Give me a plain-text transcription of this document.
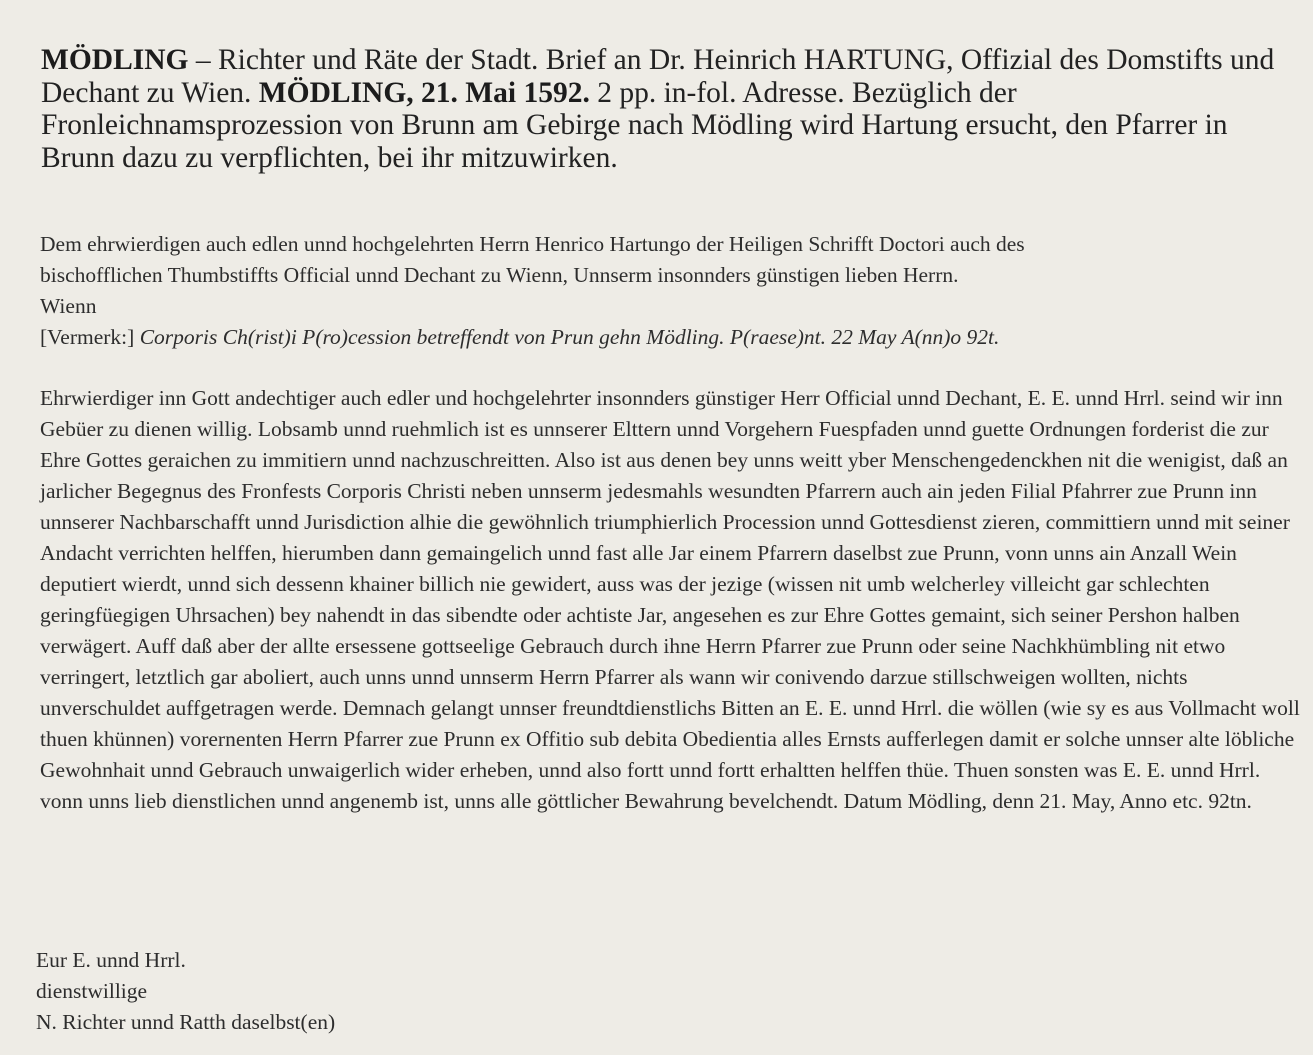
MÖDLING – Richter und Räte der Stadt. Brief an Dr. Heinrich HARTUNG, Offizial des Domstifts und Dechant zu Wien. MÖDLING, 21. Mai 1592. 2 pp. in-fol. Adresse. Bezüglich der Fronleichnamsprozession von Brunn am Gebirge nach Mödling wird Hartung ersucht, den Pfarrer in Brunn dazu zu verpflichten, bei ihr mitzuwirken.
Dem ehrwierdigen auch edlen unnd hochgelehrten Herrn Henrico Hartungo der Heiligen Schrifft Doctori auch des
bischofflichen Thumbstiffts Official unnd Dechant zu Wienn, Unnserm insonnders günstigen lieben Herrn.
Wienn
[Vermerk:] Corporis Ch(rist)i P(ro)cession betreffendt von Prun gehn Mödling. P(raese)nt. 22 May A(nn)o 92t.
Ehrwierdiger inn Gott andechtiger auch edler und hochgelehrter insonnders günstiger Herr Official unnd Dechant, E. E. unnd Hrrl. seind wir inn Gebüer zu dienen willig. Lobsamb unnd ruehmlich ist es unnserer Elttern unnd Vorgehern Fuespfaden unnd guette Ordnungen forderist die zur Ehre Gottes geraichen zu immitiern unnd nachzuschreitten. Also ist aus denen bey unns weitt yber Menschengedenckhen nit die wenigist, daß an jarlicher Begegnus des Fronfests Corporis Christi neben unnserm jedesmahls wesundten Pfarrern auch ain jeden Filial Pfahrrer zue Prunn inn unnserer Nachbarschafft unnd Jurisdiction alhie die gewöhnlich triumphierlich Procession unnd Gottesdienst zieren, committiern unnd mit seiner Andacht verrichten helffen, hierumben dann gemaingelich unnd fast alle Jar einem Pfarrern daselbst zue Prunn, vonn unns ain Anzall Wein deputiert wierdt, unnd sich dessenn khainer billich nie gewidert, auss was der jezige (wissen nit umb welcherley villeicht gar schlechten geringfüegigen Uhrsachen) bey nahendt in das sibendte oder achtiste Jar, angesehen es zur Ehre Gottes gemaint, sich seiner Pershon halben verwägert. Auff daß aber der allte ersessene gottseelige Gebrauch durch ihne Herrn Pfarrer zue Prunn oder seine Nachkhümbling nit etwo verringert, letztlich gar aboliert, auch unns unnd unnserm Herrn Pfarrer als wann wir conivendo darzue stillschweigen wollten, nichts unverschuldet auffgetragen werde. Demnach gelangt unnser freundtdienstlichs Bitten an E. E. unnd Hrrl. die wöllen (wie sy es aus Vollmacht woll thuen khünnen) vorernenten Herrn Pfarrer zue Prunn ex Offitio sub debita Obedientia alles Ernsts aufferlegen damit er solche unnser alte löbliche Gewohnhait unnd Gebrauch unwaigerlich wider erheben, unnd also fortt unnd fortt erhaltten helffen thüe. Thuen sonsten was E. E. unnd Hrrl. vonn unns lieb dienstlichen unnd angenemb ist, unns alle göttlicher Bewahrung bevelchendt. Datum Mödling, denn 21. May, Anno etc. 92tn.
Eur E. unnd Hrrl.
dienstwillige
N. Richter unnd Ratth daselbst(en)
